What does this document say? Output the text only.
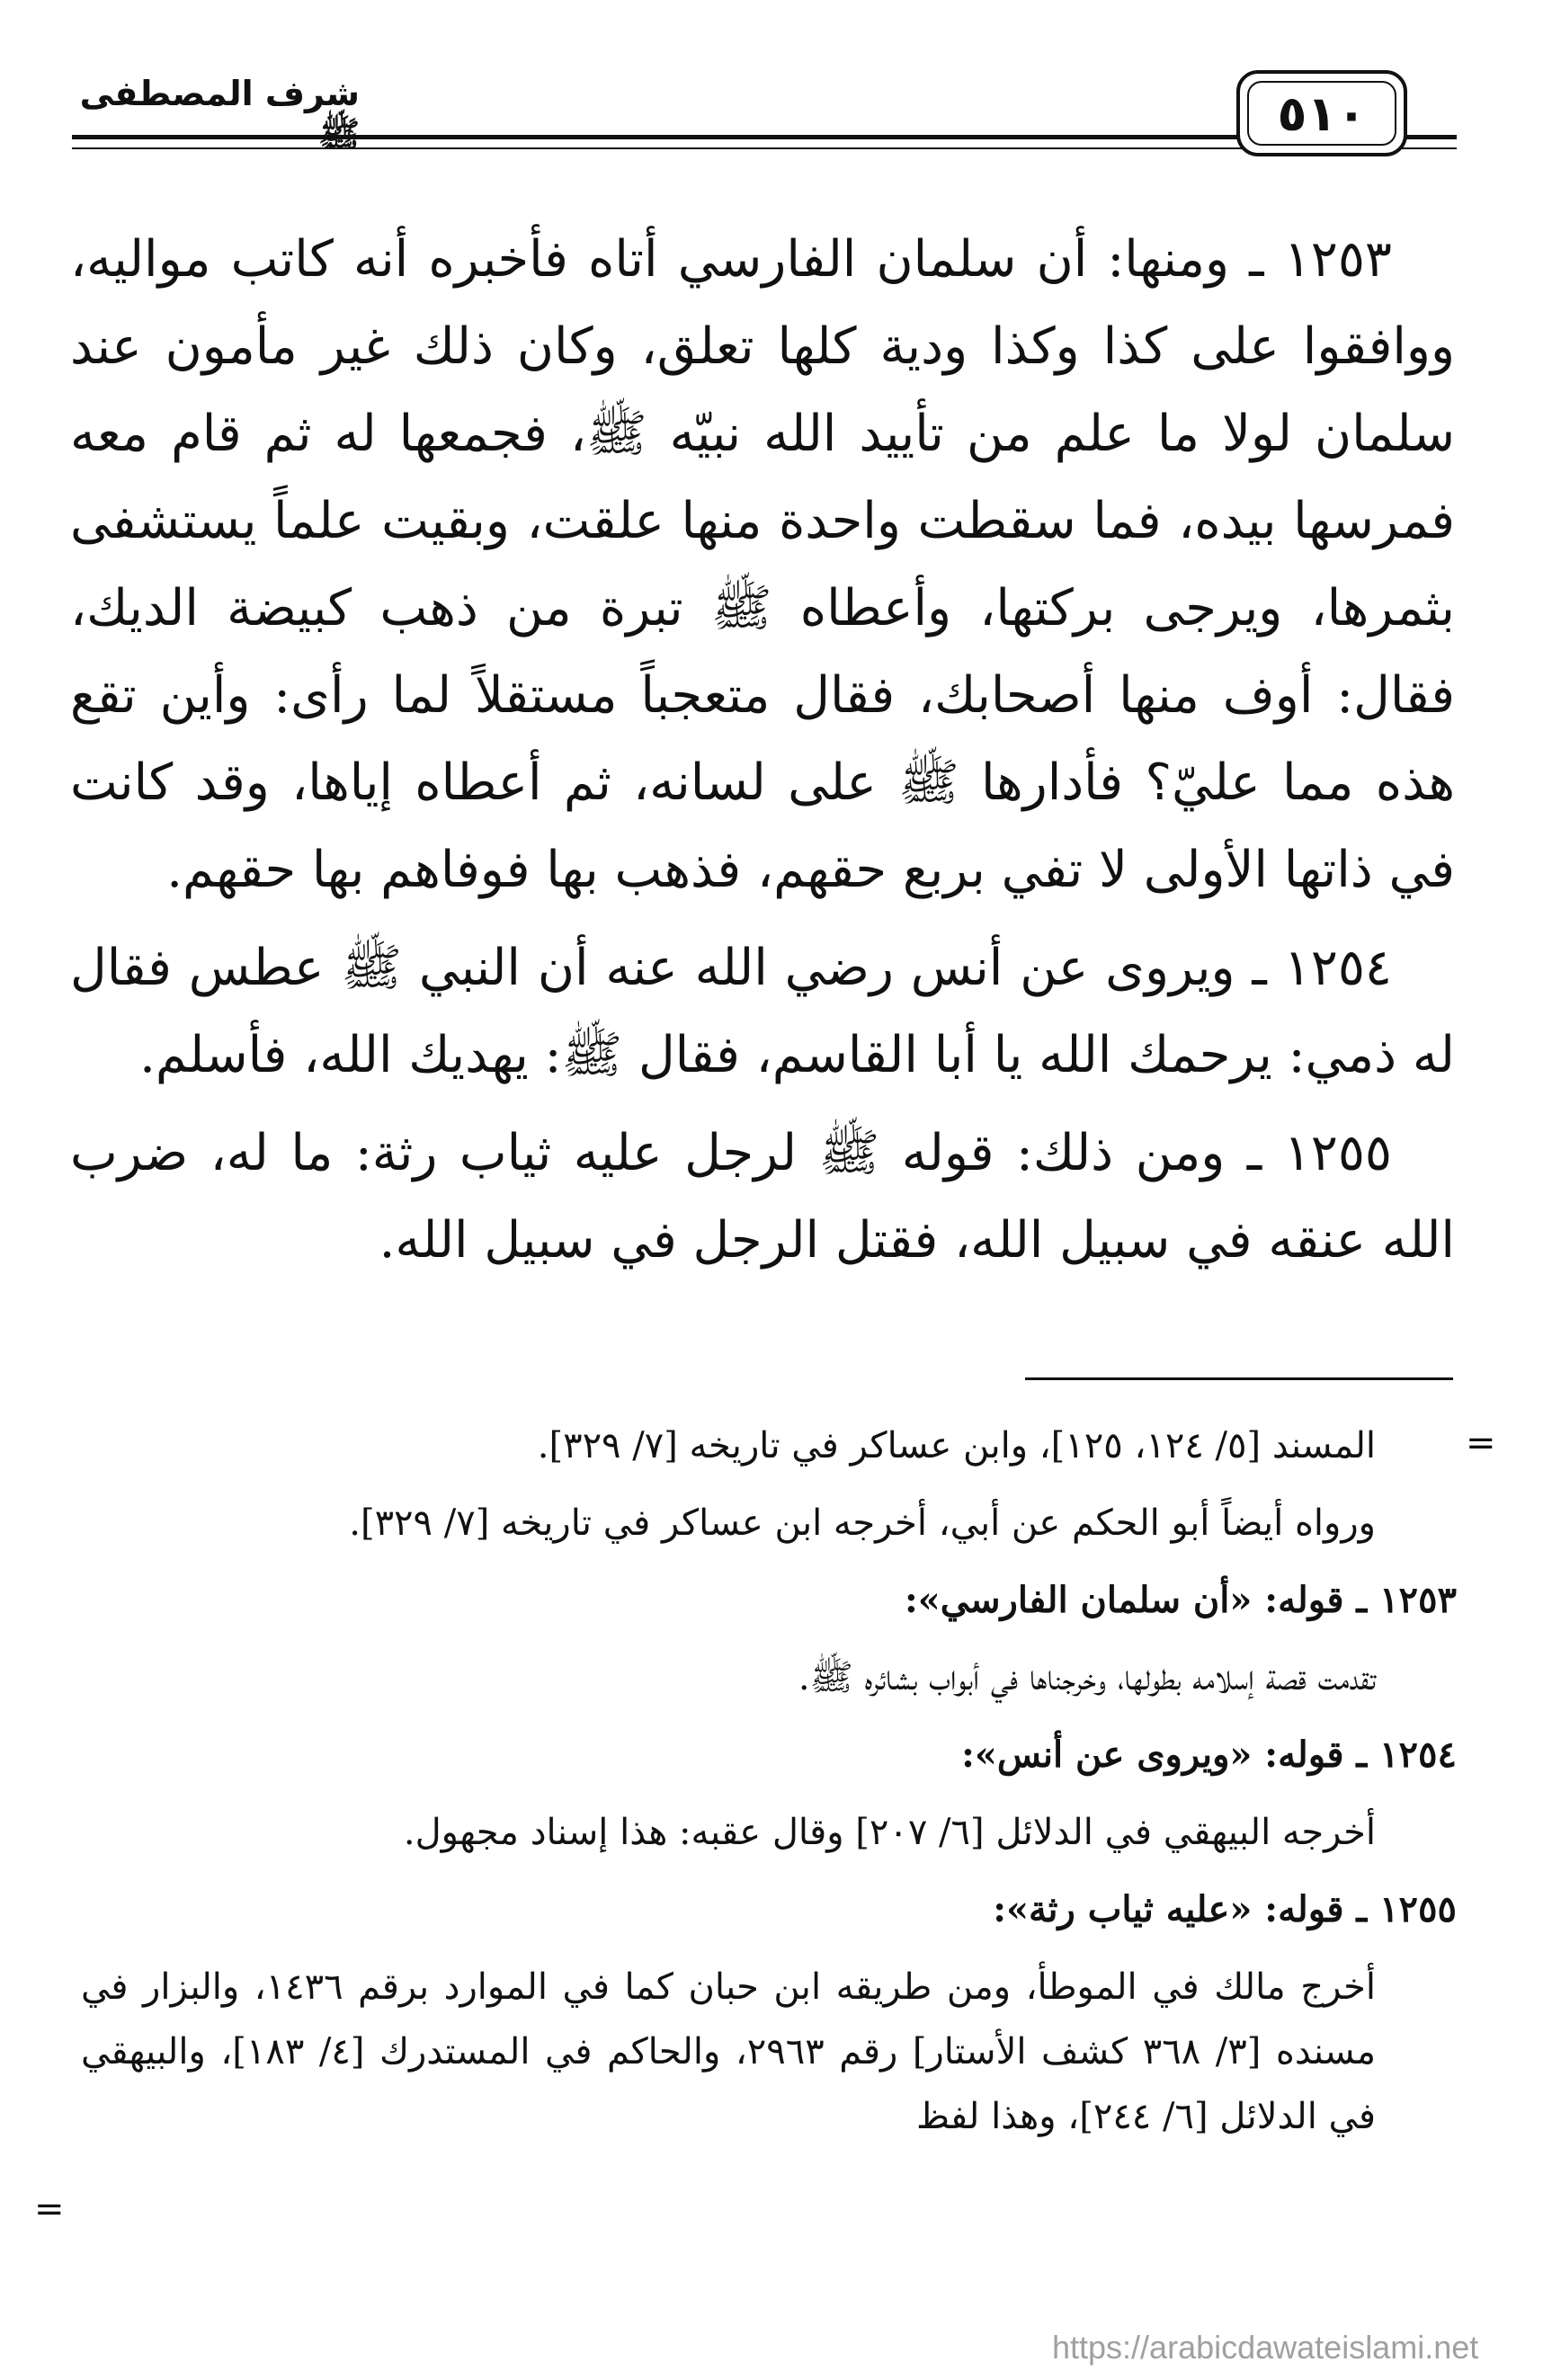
شرف المصطفى ﷺ	٥١٠

١٢٥٣ ـ ومنها: أن سلمان الفارسي أتاه فأخبره أنه كاتب مواليه، ووافقوا على كذا وكذا ودية كلها تعلق، وكان ذلك غير مأمون عند سلمان لولا ما علم من تأييد الله نبيّه ﷺ، فجمعها له ثم قام معه فمرسها بيده، فما سقطت واحدة منها علقت، وبقيت علماً يستشفى بثمرها، ويرجى بركتها، وأعطاه ﷺ تبرة من ذهب كبيضة الديك، فقال: أوف منها أصحابك، فقال متعجباً مستقلاً لما رأى: وأين تقع هذه مما عليّ؟ فأدارها ﷺ على لسانه، ثم أعطاه إياها، وقد كانت في ذاتها الأولى لا تفي بربع حقهم، فذهب بها فوفاهم بها حقهم.

١٢٥٤ ـ ويروى عن أنس رضي الله عنه أن النبي ﷺ عطس فقال له ذمي: يرحمك الله يا أبا القاسم، فقال ﷺ: يهديك الله، فأسلم.

١٢٥٥ ـ ومن ذلك: قوله ﷺ لرجل عليه ثياب رثة: ما له، ضرب الله عنقه في سبيل الله، فقتل الرجل في سبيل الله.

=

المسند [٥/ ١٢٤، ١٢٥]، وابن عساكر في تاريخه [٧/ ٣٢٩].

ورواه أيضاً أبو الحكم عن أبي، أخرجه ابن عساكر في تاريخه [٧/ ٣٢٩].

١٢٥٣ ـ قوله: «أن سلمان الفارسي»:

تقدمت قصة إسلامه بطولها، وخرجناها في أبواب بشائره ﷺ.

١٢٥٤ ـ قوله: «ويروى عن أنس»:

أخرجه البيهقي في الدلائل [٦/ ٢٠٧] وقال عقبه: هذا إسناد مجهول.

١٢٥٥ ـ قوله: «عليه ثياب رثة»:

أخرج مالك في الموطأ، ومن طريقه ابن حبان كما في الموارد برقم ١٤٣٦، والبزار في مسنده [٣/ ٣٦٨ كشف الأستار] رقم ٢٩٦٣، والحاكم في المستدرك [٤/ ١٨٣]، والبيهقي في الدلائل [٦/ ٢٤٤]، وهذا لفظ

=
https://arabicdawateislami.net
